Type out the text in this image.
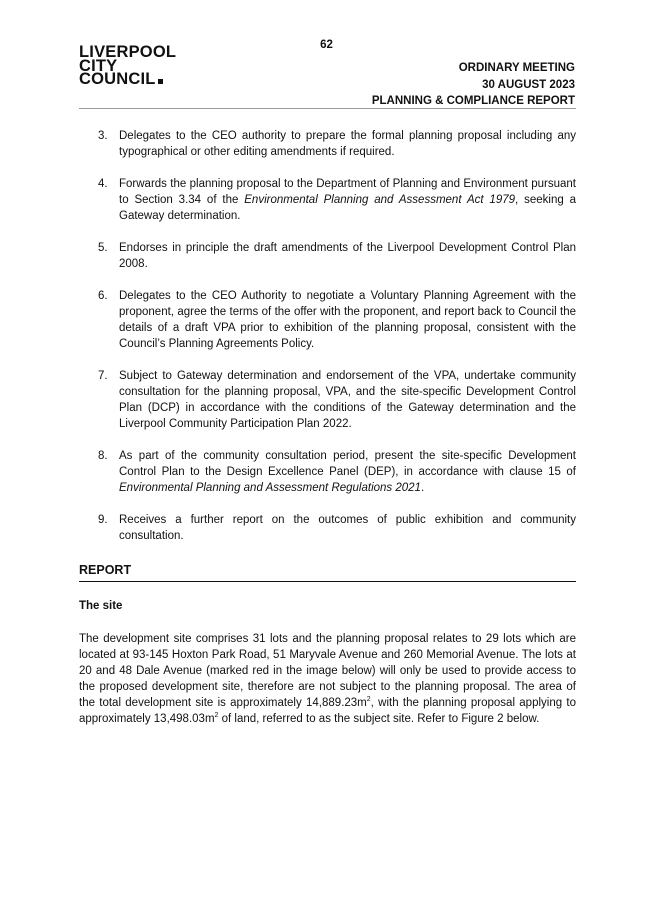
62
LIVERPOOL
CITY
COUNCIL
ORDINARY MEETING
30 AUGUST 2023
PLANNING & COMPLIANCE REPORT
3. Delegates to the CEO authority to prepare the formal planning proposal including any typographical or other editing amendments if required.
4. Forwards the planning proposal to the Department of Planning and Environment pursuant to Section 3.34 of the Environmental Planning and Assessment Act 1979, seeking a Gateway determination.
5. Endorses in principle the draft amendments of the Liverpool Development Control Plan 2008.
6. Delegates to the CEO Authority to negotiate a Voluntary Planning Agreement with the proponent, agree the terms of the offer with the proponent, and report back to Council the details of a draft VPA prior to exhibition of the planning proposal, consistent with the Council’s Planning Agreements Policy.
7. Subject to Gateway determination and endorsement of the VPA, undertake community consultation for the planning proposal, VPA, and the site-specific Development Control Plan (DCP) in accordance with the conditions of the Gateway determination and the Liverpool Community Participation Plan 2022.
8. As part of the community consultation period, present the site-specific Development Control Plan to the Design Excellence Panel (DEP), in accordance with clause 15 of Environmental Planning and Assessment Regulations 2021.
9. Receives a further report on the outcomes of public exhibition and community consultation.
REPORT
The site
The development site comprises 31 lots and the planning proposal relates to 29 lots which are located at 93-145 Hoxton Park Road, 51 Maryvale Avenue and 260 Memorial Avenue. The lots at 20 and 48 Dale Avenue (marked red in the image below) will only be used to provide access to the proposed development site, therefore are not subject to the planning proposal. The area of the total development site is approximately $14,889.23m^2$, with the planning proposal applying to approximately $13,498.03m^2$ of land, referred to as the subject site. Refer to Figure 2 below.
